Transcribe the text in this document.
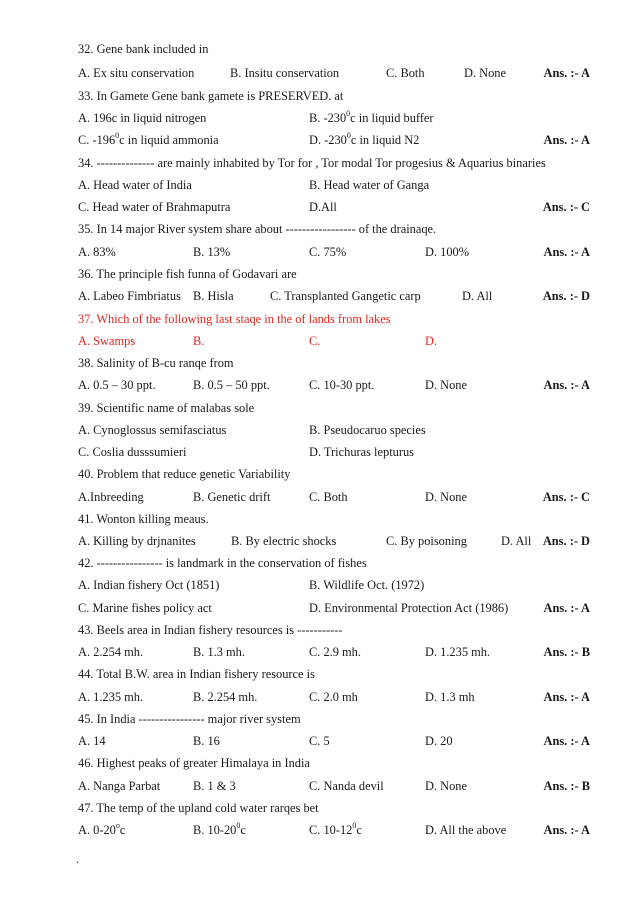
32. Gene bank included in
A. Ex situ conservation	B. Insitu conservation	C. Both	D. None	Ans. :- A
33. In Gamete Gene bank gamete is PRESERVED. at
A. 196c in liquid nitrogen	B. $-230^0c$ in liquid buffer
C. $-196^0c$ in liquid ammonia	D. $-230^0c$ in liquid N2	Ans. :- A
34. -------------- are mainly inhabited by Tor for , Tor modal Tor progesius & Aquarius binaries
A. Head water of India	B. Head water of Ganga
C. Head water of Brahmaputra	D.All	Ans. :- C
35. In 14 major River system share about ----------------- of the drainaqe.
A. 83%	B. 13%	C. 75%	D. 100%	Ans. :- A
36. The principle fish funna of Godavari are
A. Labeo Fimbriatus B. Hisla	C. Transplanted Gangetic carp	D. All	Ans. :- D
37. Which of the following last staqe in the of lands from lakes
A. Swamps	B.	C.	D.
38. Salinity of B-cu ranqe from
A. 0.5 – 30 ppt.	B. 0.5 – 50 ppt.	C. 10-30 ppt.	D. None	Ans. :- A
39. Scientific name of malabas sole
A. Cynoglossus semifasciatus	B. Pseudocaruo species
C. Coslia dusssumieri	D. Trichuras lepturus
40. Problem that reduce genetic Variability
A.Inbreeding	B. Genetic drift	C. Both	D. None	Ans. :- C
41. Wonton killing meaus.
A. Killing by drjnanites	B. By electric shocks	C. By poisoning	D. All Ans. :- D
42. ---------------- is landmark in the conservation of fishes
A. Indian fishery Oct (1851)	B. Wildlife Oct. (1972)
C. Marine fishes policy act	D. Environmental Protection Act (1986)	Ans. :- A
43. Beels area in Indian fishery resources is -----------
A. 2.254 mh.	B. 1.3 mh.	C. 2.9 mh.	D. 1.235 mh.	Ans. :- B
44. Total B.W. area in Indian fishery resource is
A. 1.235 mh.	B. 2.254 mh.	C. 2.0 mh	D. 1.3 mh	Ans. :- A
45. In India ---------------- major river system
A. 14	B. 16	C. 5	D. 20	Ans. :- A
46. Highest peaks of greater Himalaya in India
A. Nanga Parbat	B. 1 & 3	C. Nanda devil	D. None	Ans. :- B
47. The temp of the upland cold water rarqes bet
A. 0-20$^o$c	B. $10-20^0c$	C. $10-12^0c$	D. All the above	Ans. :- A
.
